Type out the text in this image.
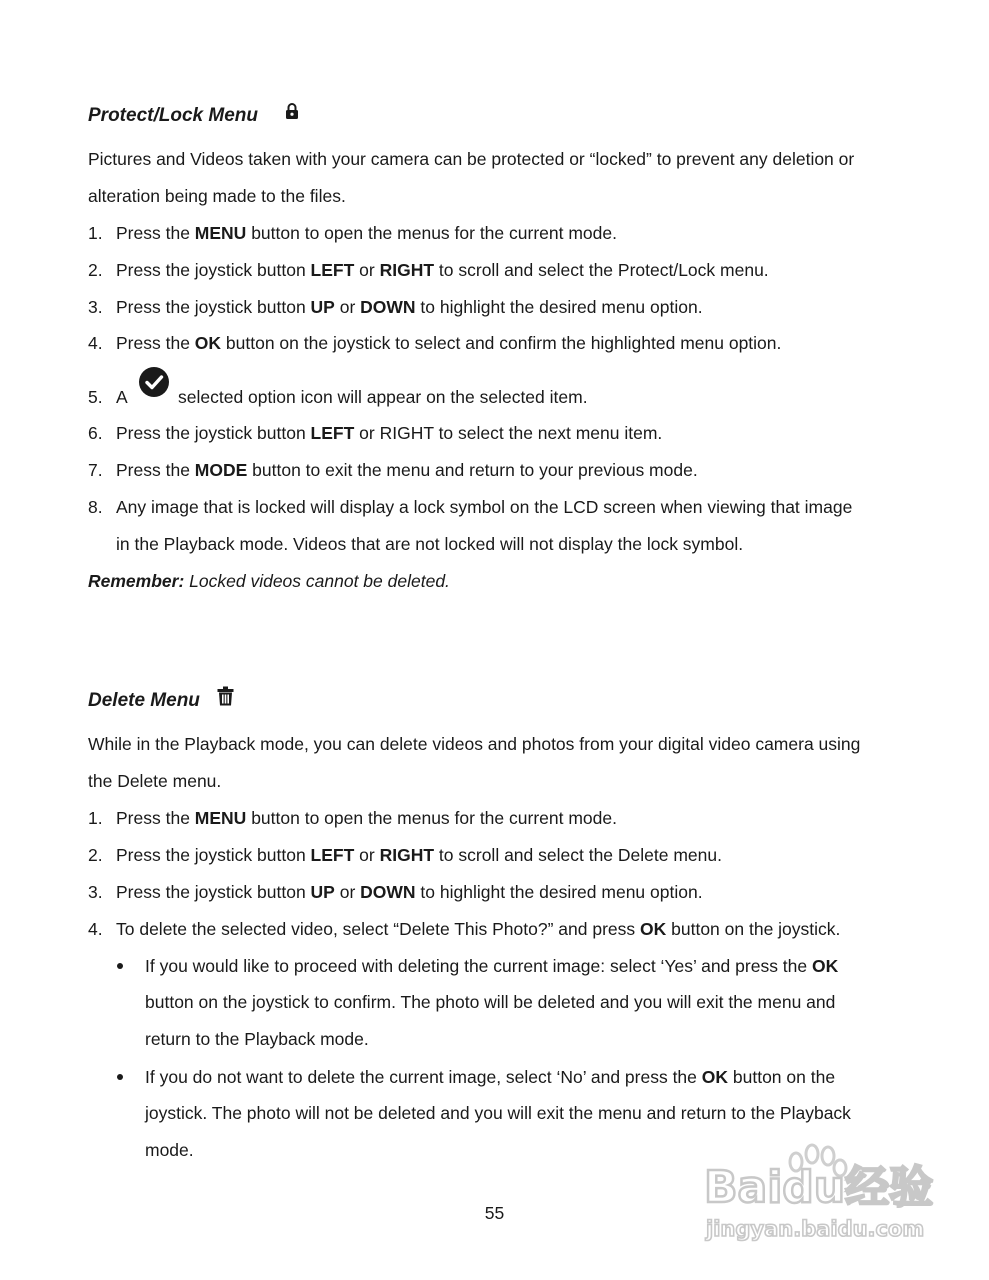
Protect/Lock Menu
Pictures and Videos taken with your camera can be protected or “locked” to prevent any deletion or
alteration being made to the files.
1. Press the MENU button to open the menus for the current mode.
2. Press the joystick button LEFT or RIGHT to scroll and select the Protect/Lock menu.
3. Press the joystick button UP or DOWN to highlight the desired menu option.
4. Press the OK button on the joystick to select and confirm the highlighted menu option.
5. A	selected option icon will appear on the selected item.
6. Press the joystick button LEFT or RIGHT to select the next menu item.
7. Press the MODE button to exit the menu and return to your previous mode.
8. Any image that is locked will display a lock symbol on the LCD screen when viewing that image
in the Playback mode. Videos that are not locked will not display the lock symbol.
Remember: Locked videos cannot be deleted.
Delete Menu
While in the Playback mode, you can delete videos and photos from your digital video camera using
the Delete menu.
1. Press the MENU button to open the menus for the current mode.
2. Press the joystick button LEFT or RIGHT to scroll and select the Delete menu.
3. Press the joystick button UP or DOWN to highlight the desired menu option.
4. To delete the selected video, select “Delete This Photo?” and press OK button on the joystick.
If you would like to proceed with deleting the current image: select ‘Yes’ and press the OK
button on the joystick to confirm. The photo will be deleted and you will exit the menu and
return to the Playback mode.
If you do not want to delete the current image, select ‘No’ and press the OK button on the
joystick. The photo will not be deleted and you will exit the menu and return to the Playback
mode.
55	Baidu经验
jingyan.baidu.com
